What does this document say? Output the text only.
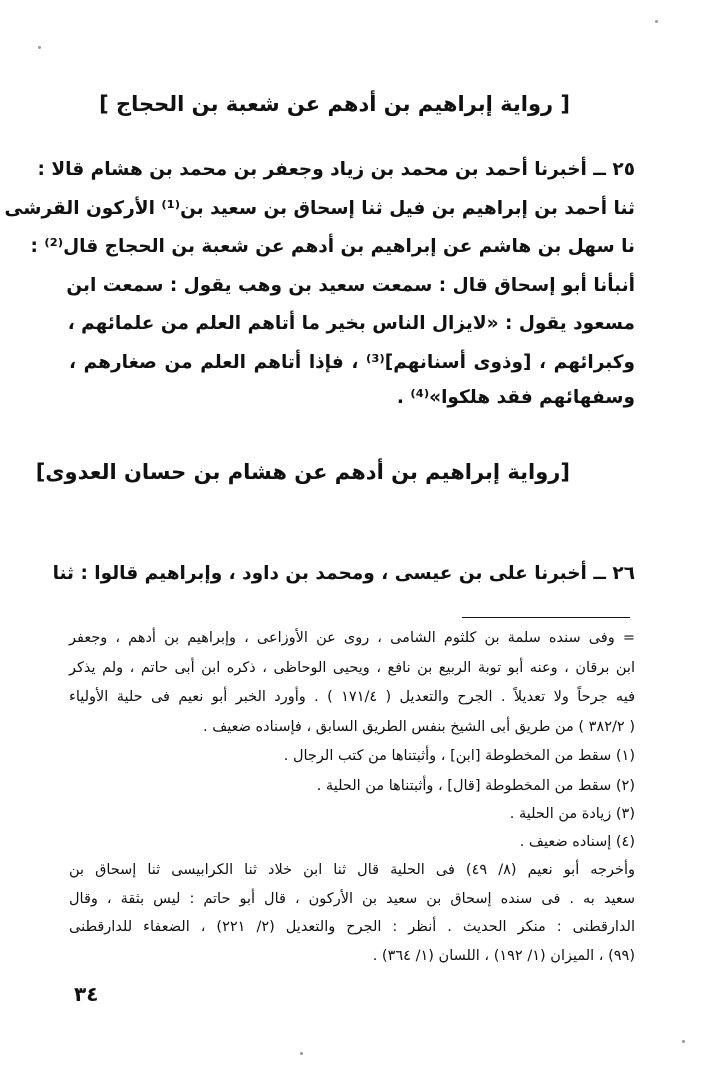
[ رواية إبراهيم بن أدهم عن شعبة بن الحجاج ]
٢٥ ــ أخبرنا أحمد بن محمد بن زياد وجعفر بن محمد بن هشام قالا :
ثنا أحمد بن إبراهيم بن فيل ثنا إسحاق بن سعيد بن⁽¹⁾ الأركون القرشى
نا سهل بن هاشم عن إبراهيم بن أدهم عن شعبة بن الحجاج قال⁽²⁾ :
أنبأنا أبو إسحاق قال : سمعت سعيد بن وهب يقول : سمعت ابن
مسعود يقول : «لايزال الناس بخير ما أتاهم العلم من علمائهم ،
وكبرائهم ، [وذوى أسنانهم]⁽³⁾ ، فإذا أتاهم العلم من صغارهم ،
وسفهائهم فقد هلكوا»⁽⁴⁾ .
[رواية إبراهيم بن أدهم عن هشام بن حسان العدوى]
٢٦ ــ أخبرنا على بن عيسى ، ومحمد بن داود ، وإبراهيم قالوا : ثنا
= وفى سنده سلمة بن كلثوم الشامى ، روى عن الأوزاعى ، وإبراهيم بن أدهم ، وجعفر
ابن برقان ، وعنه أبو توبة الربيع بن نافع ، ويحيى الوحاظى ، ذكره ابن أبى حاتم ، ولم يذكر
فيه جرحاً ولا تعديلاً . الجرح والتعديل ( ١٧١/٤ ) . وأورد الخبر أبو نعيم فى حلية الأولياء
( ٣٨٢/٢ ) من طريق أبى الشيخ بنفس الطريق السابق ، فإسناده ضعيف .
(١) سقط من المخطوطة [ابن] ، وأثبتناها من كتب الرجال .
(٢) سقط من المخطوطة [قال] ، وأثبتناها من الحلية .
(٣) زيادة من الحلية .
(٤) إسناده ضعيف .
وأخرجه أبو نعيم (٨/ ٤٩) فى الحلية قال ثنا ابن خلاد ثنا الكرابيسى ثنا إسحاق بن
سعيد به . فى سنده إسحاق بن سعيد بن الأركون ، قال أبو حاتم : ليس بثقة ، وقال
الدارقطنى : منكر الحديث . أنظر : الجرح والتعديل (٢/ ٢٢١) ، الضعفاء للدارقطنى
(٩٩) ، الميزان (١/ ١٩٢) ، اللسان (١/ ٣٦٤) .
٣٤
